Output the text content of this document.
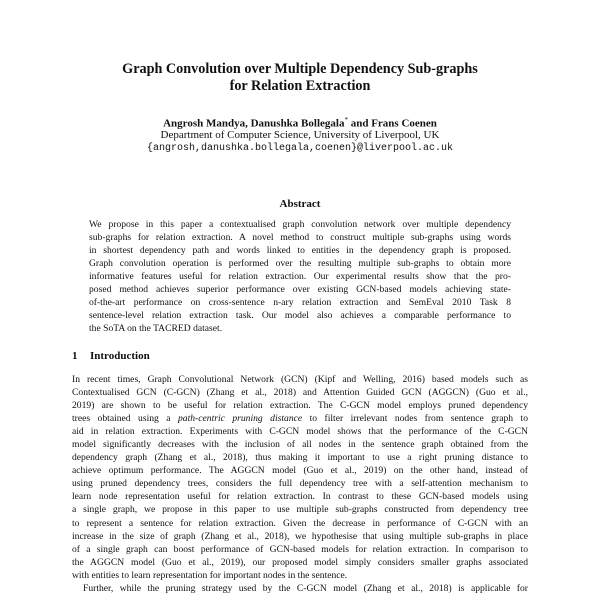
Graph Convolution over Multiple Dependency Sub-graphs
for Relation Extraction
Angrosh Mandya, Danushka Bollegala* and Frans Coenen
Department of Computer Science, University of Liverpool, UK
{angrosh,danushka.bollegala,coenen}@liverpool.ac.uk
Abstract
We propose in this paper a contextualised graph convolution network over multiple dependency
sub-graphs for relation extraction. A novel method to construct multiple sub-graphs using words
in shortest dependency path and words linked to entities in the dependency graph is proposed.
Graph convolution operation is performed over the resulting multiple sub-graphs to obtain more
informative features useful for relation extraction. Our experimental results show that the pro-
posed method achieves superior performance over existing GCN-based models achieving state-
of-the-art performance on cross-sentence n-ary relation extraction and SemEval 2010 Task 8
sentence-level relation extraction task. Our model also achieves a comparable performance to
the SoTA on the TACRED dataset.
1 Introduction
In recent times, Graph Convolutional Network (GCN) (Kipf and Welling, 2016) based models such as
Contextualised GCN (C-GCN) (Zhang et al., 2018) and Attention Guided GCN (AGGCN) (Guo et al.,
2019) are shown to be useful for relation extraction. The C-GCN model employs pruned dependency
trees obtained using a path-centric pruning distance to filter irrelevant nodes from sentence graph to
aid in relation extraction. Experiments with C-GCN model shows that the performance of the C-GCN
model significantly decreases with the inclusion of all nodes in the sentence graph obtained from the
dependency graph (Zhang et al., 2018), thus making it important to use a right pruning distance to
achieve optimum performance. The AGGCN model (Guo et al., 2019) on the other hand, instead of
using pruned dependency trees, considers the full dependency tree with a self-attention mechanism to
learn node representation useful for relation extraction. In contrast to these GCN-based models using
a single graph, we propose in this paper to use multiple sub-graphs constructed from dependency tree
to represent a sentence for relation extraction. Given the decrease in performance of C-GCN with an
increase in the size of graph (Zhang et al., 2018), we hypothesise that using multiple sub-graphs in place
of a single graph can boost performance of GCN-based models for relation extraction. In comparison to
the AGGCN model (Guo et al., 2019), our proposed model simply considers smaller graphs associated
with entities to learn representation for important nodes in the sentence.
Further, while the pruning strategy used by the C-GCN model (Zhang et al., 2018) is applicable for
